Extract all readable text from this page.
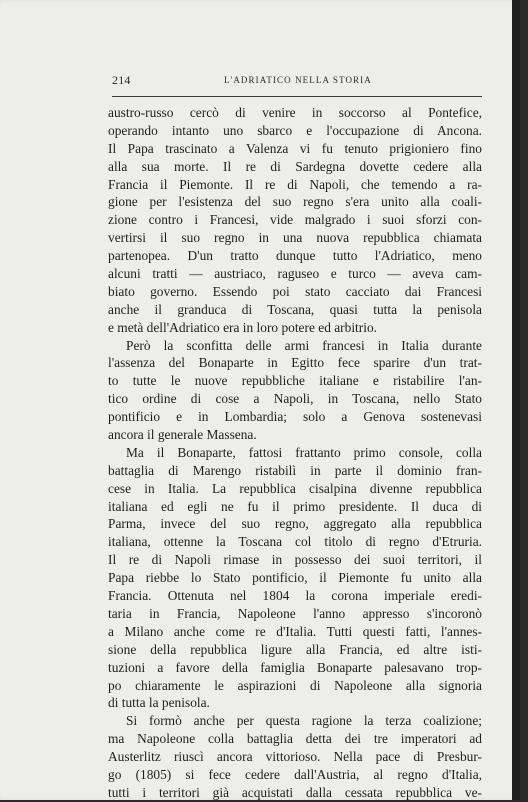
214	L'ADRIATICO NELLA STORIA
austro-russo cercò di venire in soccorso al Pontefice,
operando intanto uno sbarco e l'occupazione di Ancona.
Il Papa trascinato a Valenza vi fu tenuto prigioniero fino
alla sua morte. Il re di Sardegna dovette cedere alla
Francia il Piemonte. Il re di Napoli, che temendo a ra-
gione per l'esistenza del suo regno s'era unito alla coali-
zione contro i Francesi, vide malgrado i suoi sforzi con-
vertirsi il suo regno in una nuova repubblica chiamata
partenopea. D'un tratto dunque tutto l'Adriatico, meno
alcuni tratti — austriaco, raguseo e turco — aveva cam-
biato governo. Essendo poi stato cacciato dai Francesi
anche il granduca di Toscana, quasi tutta la penisola
e metà dell'Adriatico era in loro potere ed arbitrio.
Però la sconfitta delle armi francesi in Italia durante
l'assenza del Bonaparte in Egitto fece sparire d'un trat-
to tutte le nuove repubbliche italiane e ristabilire l'an-
tico ordine di cose a Napoli, in Toscana, nello Stato
pontificio e in Lombardia; solo a Genova sostenevasi
ancora il generale Massena.
Ma il Bonaparte, fattosi frattanto primo console, colla
battaglia di Marengo ristabilì in parte il dominio fran-
cese in Italia. La repubblica cisalpina divenne repubblica
italiana ed egli ne fu il primo presidente. Il duca di
Parma, invece del suo regno, aggregato alla repubblica
italiana, ottenne la Toscana col titolo di regno d'Etruria.
Il re di Napoli rimase in possesso dei suoi territori, il
Papa riebbe lo Stato pontificio, il Piemonte fu unito alla
Francia. Ottenuta nel 1804 la corona imperiale eredi-
taria in Francia, Napoleone l'anno appresso s'incoronò
a Milano anche come re d'Italia. Tutti questi fatti, l'annes-
sione della repubblica ligure alla Francia, ed altre isti-
tuzioni a favore della famiglia Bonaparte palesavano trop-
po chiaramente le aspirazioni di Napoleone alla signoria
di tutta la penisola.
Si formò anche per questa ragione la terza coalizione;
ma Napoleone colla battaglia detta dei tre imperatori ad
Austerlitz riuscì ancora vittorioso. Nella pace di Presbur-
go (1805) si fece cedere dall'Austria, al regno d'Italia,
tutti i territori già acquistati dalla cessata repubblica ve-
